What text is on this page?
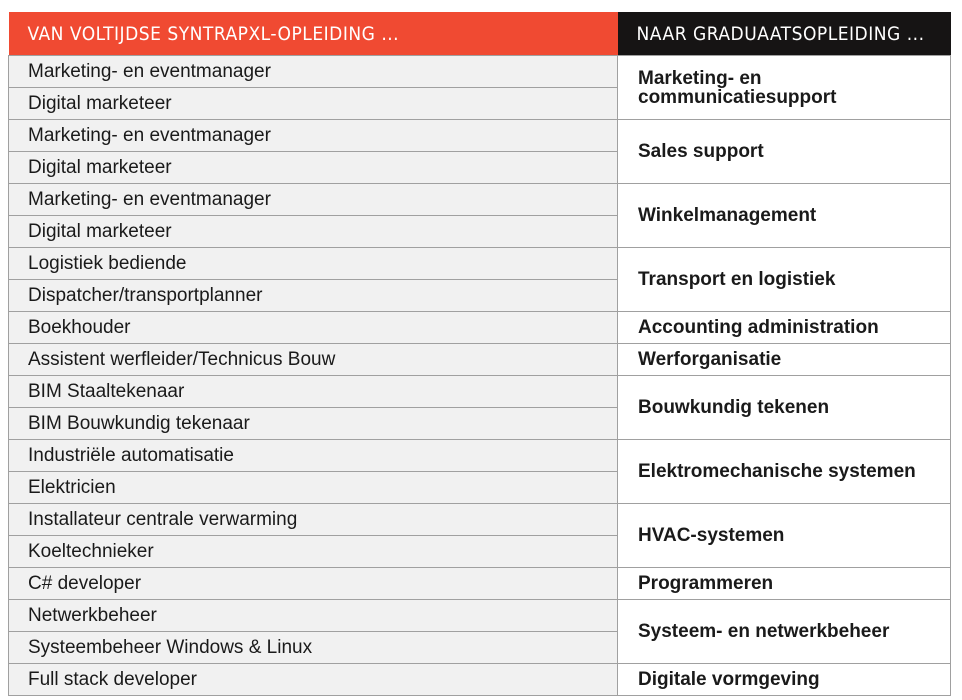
VAN VOLTIJDSE SYNTRAPXL-OPLEIDING ...	NAAR GRADUAATSOPLEIDING ...
Marketing- en eventmanager	Marketing- en communicatiesupport
Digital marketeer	
Marketing- en eventmanager	Sales support
Digital marketeer	
Marketing- en eventmanager	Winkelmanagement
Digital marketeer	
Logistiek bediende	Transport en logistiek
Dispatcher/transportplanner	
Boekhouder	Accounting administration
Assistent werfleider/Technicus Bouw	Werforganisatie
BIM Staaltekenaar	Bouwkundig tekenen
BIM Bouwkundig tekenaar	
Industriële automatisatie	Elektromechanische systemen
Elektricien	
Installateur centrale verwarming	HVAC-systemen
Koeltechnieker	
C# developer	Programmeren
Netwerkbeheer	Systeem- en netwerkbeheer
Systeembeheer Windows & Linux	
Full stack developer	Digitale vormgeving
